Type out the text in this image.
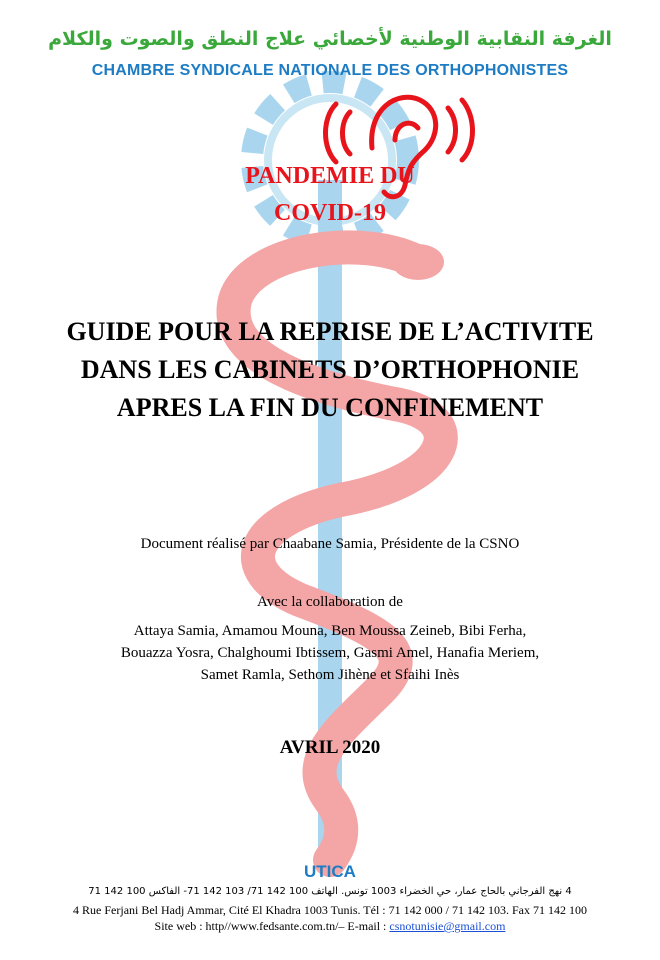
الغرفة النقابية الوطنية لأخصائي علاج النطق والصوت والكلام
CHAMBRE SYNDICALE NATIONALE DES ORTHOPHONISTES
PANDEMIE DU
COVID-19
GUIDE POUR LA REPRISE DE L’ACTIVITE
DANS LES CABINETS D’ORTHOPHONIE
APRES LA FIN DU CONFINEMENT
Document réalisé par Chaabane Samia, Présidente de la CSNO
Avec la collaboration de
Attaya Samia, Amamou Mouna, Ben Moussa Zeineb, Bibi Ferha,
Bouazza Yosra, Chalghoumi Ibtissem, Gasmi Amel, Hanafia Meriem,
Samet Ramla, Sethom Jihène et Sfaihi Inès
AVRIL 2020
UTICA
4 نهج الفرجاني بالحاج عمار، حي الخضراء 1003 تونس. الهاتف 100 142 71/ 103 142 71- الفاكس 100 142 71
4 Rue Ferjani Bel Hadj Ammar, Cité El Khadra 1003 Tunis. Tél : 71 142 000 / 71 142 103. Fax 71 142 100
Site web : http//www.fedsante.com.tn/– E-mail : csnotunisie@gmail.com
